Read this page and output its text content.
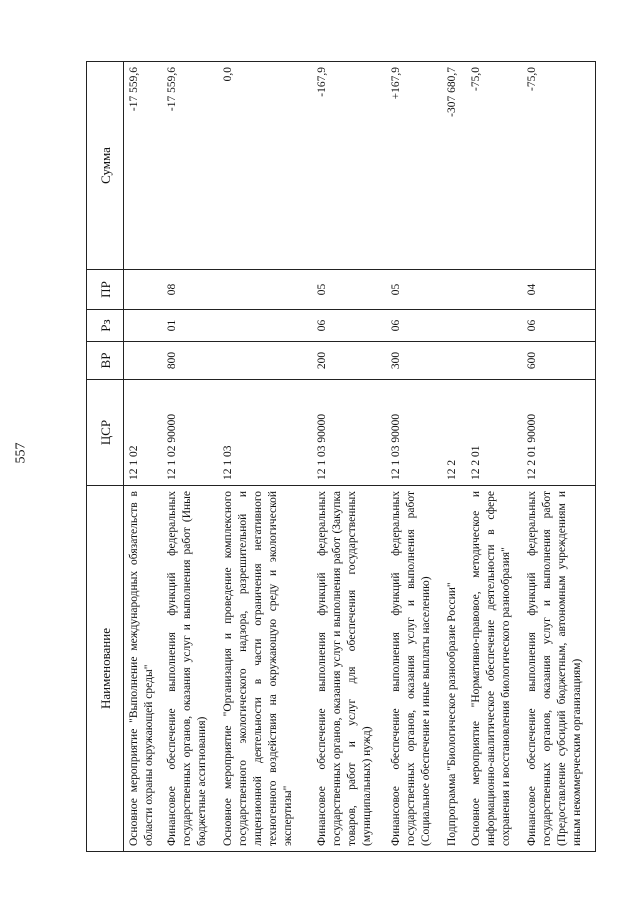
557
Наименование	ЦСР	ВР	Рз	ПР	Сумма
Основное мероприятие "Выполнение международных обязательств в области охраны окружающей среды"	12 1 02				-17 559,6
Финансовое обеспечение выполнения функций федеральных государственных органов, оказания услуг и выполнения работ (Иные бюджетные ассигнования)	12 1 02 90000	800	01	08	-17 559,6
Основное мероприятие "Организация и проведение комплексного государственного экологического надзора, разрешительной и лицензионной деятельности в части ограничения негативного техногенного воздействия на окружающую среду и экологической экспертизы"	12 1 03				0,0
Финансовое обеспечение выполнения функций федеральных государственных органов, оказания услуг и выполнения работ (Закупка товаров, работ и услуг для обеспечения государственных (муниципальных) нужд)	12 1 03 90000	200	06	05	-167,9
Финансовое обеспечение выполнения функций федеральных государственных органов, оказания услуг и выполнения работ (Социальное обеспечение и иные выплаты населению)	12 1 03 90000	300	06	05	+167,9
Подпрограмма "Биологическое разнообразие России"	12 2				-307 680,7
Основное мероприятие "Нормативно-правовое, методическое и информационно-аналитическое обеспечение деятельности в сфере сохранения и восстановления биологического разнообразия"	12 2 01				-75,0
Финансовое обеспечение выполнения функций федеральных государственных органов, оказания услуг и выполнения работ (Предоставление субсидий бюджетным, автономным учреждениям и иным некоммерческим организациям)	12 2 01 90000	600	06	04	-75,0
